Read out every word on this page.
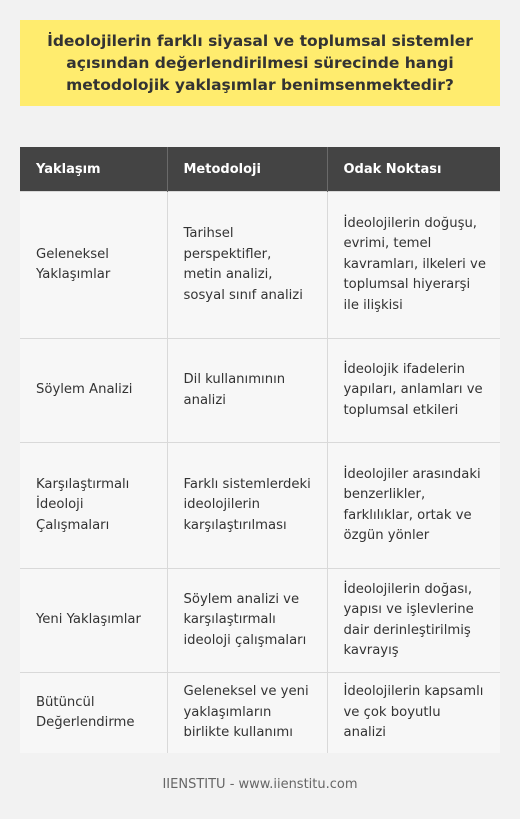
İdeolojilerin farklı siyasal ve toplumsal sistemler açısından değerlendirilmesi sürecinde hangi metodolojik yaklaşımlar benimsenmektedir?
Yaklaşım	Metodoloji	Odak Noktası
Geleneksel Yaklaşımlar	Tarihsel perspektifler, metin analizi, sosyal sınıf analizi	İdeolojilerin doğuşu, evrimi, temel kavramları, ilkeleri ve toplumsal hiyerarşi ile ilişkisi
Söylem Analizi	Dil kullanımının analizi	İdeolojik ifadelerin yapıları, anlamları ve toplumsal etkileri
Karşılaştırmalı İdeoloji Çalışmaları	Farklı sistemlerdeki ideolojilerin karşılaştırılması	İdeolojiler arasındaki benzerlikler, farklılıklar, ortak ve özgün yönler
Yeni Yaklaşımlar	Söylem analizi ve karşılaştırmalı ideoloji çalışmaları	İdeolojilerin doğası, yapısı ve işlevlerine dair derinleştirilmiş kavrayış
Bütüncül Değerlendirme	Geleneksel ve yeni yaklaşımların birlikte kullanımı	İdeolojilerin kapsamlı ve çok boyutlu analizi
IIENSTITU - www.iienstitu.com
